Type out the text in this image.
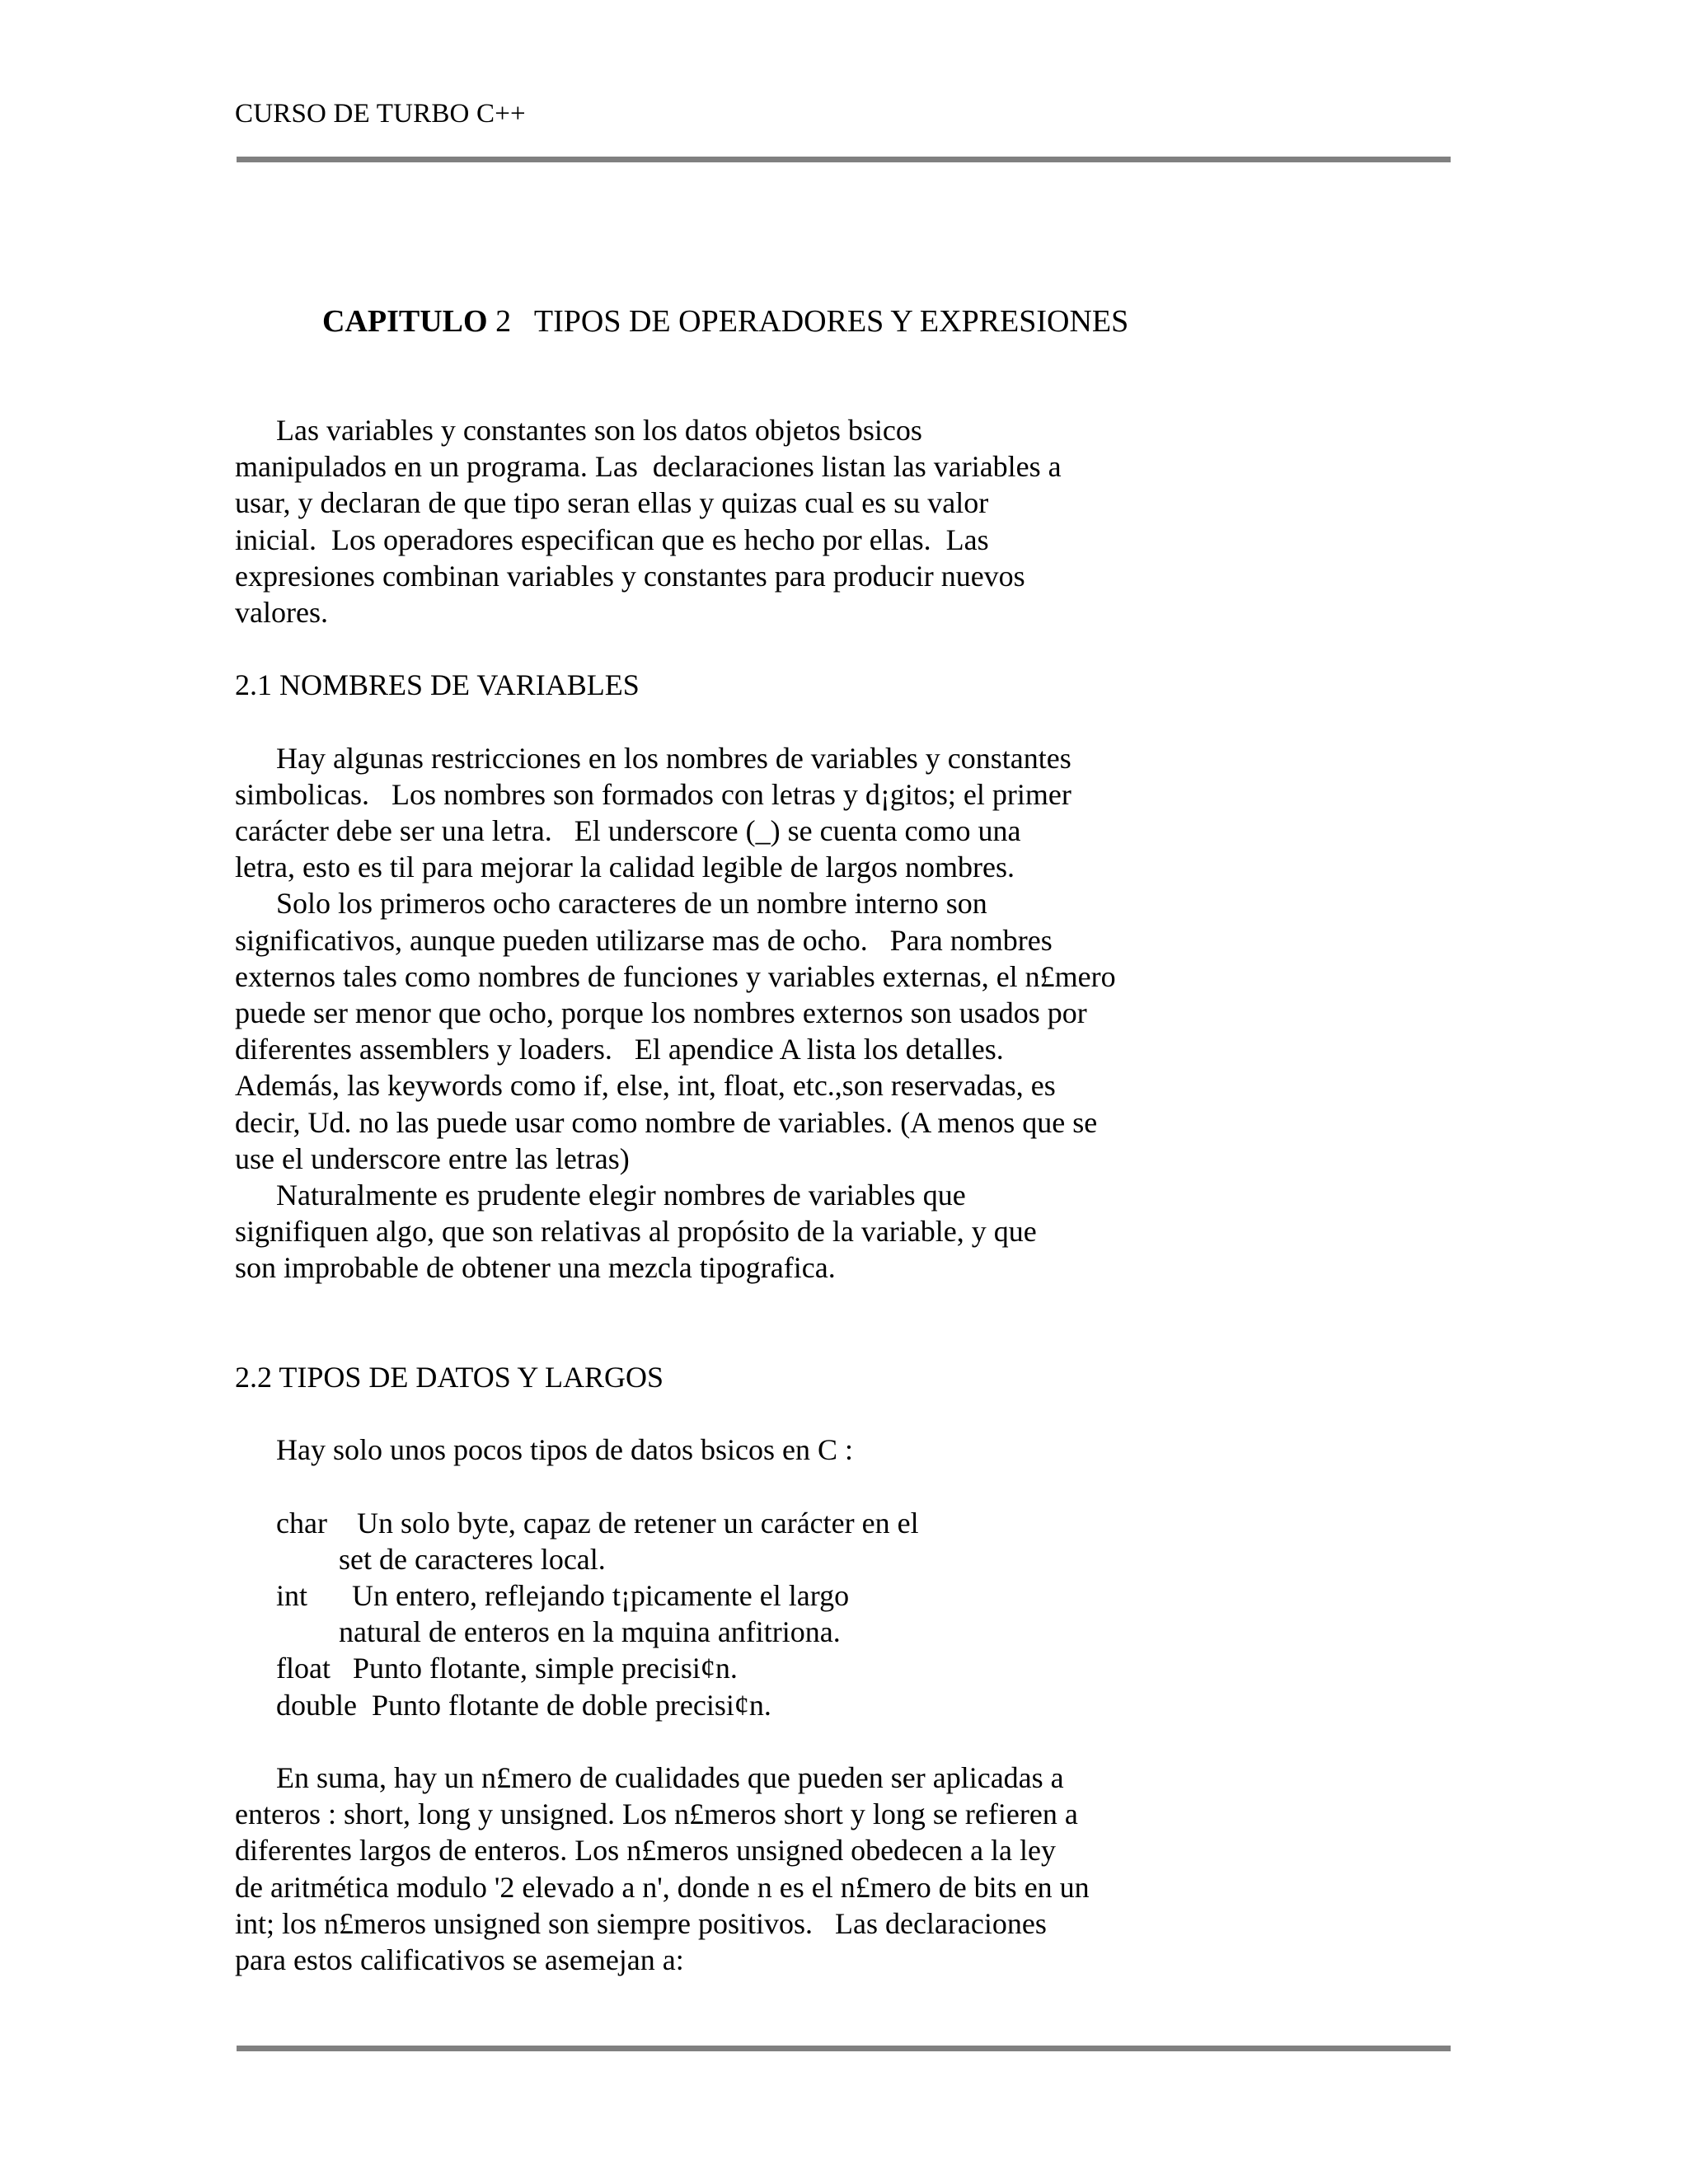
CURSO DE TURBO C++
CAPITULO 2 TIPOS DE OPERADORES Y EXPRESIONES
Las variables y constantes son los datos objetos bsicos
manipulados en un programa. Las  declaraciones listan las variables a
usar, y declaran de que tipo seran ellas y quizas cual es su valor
inicial.  Los operadores especifican que es hecho por ellas.  Las
expresiones combinan variables y constantes para producir nuevos
valores.
2.1 NOMBRES DE VARIABLES
Hay algunas restricciones en los nombres de variables y constantes
simbolicas.   Los nombres son formados con letras y d¡gitos; el primer
carácter debe ser una letra.   El underscore (_) se cuenta como una
letra, esto es til para mejorar la calidad legible de largos nombres.
Solo los primeros ocho caracteres de un nombre interno son
significativos, aunque pueden utilizarse mas de ocho.   Para nombres
externos tales como nombres de funciones y variables externas, el n£mero
puede ser menor que ocho, porque los nombres externos son usados por
diferentes assemblers y loaders.   El apendice A lista los detalles.
Además, las keywords como if, else, int, float, etc.,son reservadas, es
decir, Ud. no las puede usar como nombre de variables. (A menos que se
use el underscore entre las letras)
Naturalmente es prudente elegir nombres de variables que
signifiquen algo, que son relativas al propósito de la variable, y que
son improbable de obtener una mezcla tipografica.
2.2 TIPOS DE DATOS Y LARGOS
Hay solo unos pocos tipos de datos bsicos en C :
char    Un solo byte, capaz de retener un carácter en el
set de caracteres local.
int      Un entero, reflejando t¡picamente el largo
natural de enteros en la mquina anfitriona.
float   Punto flotante, simple precisi¢n.
double  Punto flotante de doble precisi¢n.
En suma, hay un n£mero de cualidades que pueden ser aplicadas a
enteros : short, long y unsigned. Los n£meros short y long se refieren a
diferentes largos de enteros. Los n£meros unsigned obedecen a la ley
de aritmética modulo '2 elevado a n', donde n es el n£mero de bits en un
int; los n£meros unsigned son siempre positivos.   Las declaraciones
para estos calificativos se asemejan a:
